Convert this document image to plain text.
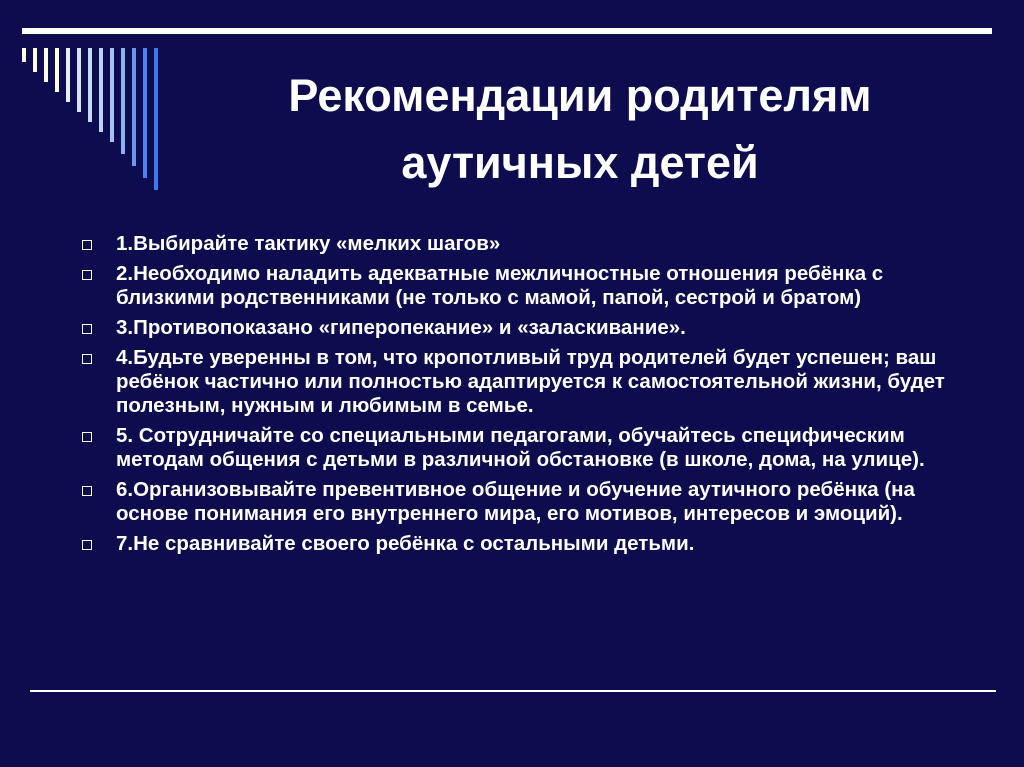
Рекомендации родителям
аутичных детей
1.Выбирайте тактику «мелких шагов»
2.Необходимо наладить адекватные межличностные отношения ребёнка с близкими родственниками (не только с мамой, папой, сестрой и братом)
3.Противопоказано «гиперопекание» и «заласкивание».
4.Будьте уверенны в том, что кропотливый труд родителей будет успешен; ваш ребёнок частично или полностью адаптируется к самостоятельной жизни, будет полезным, нужным и любимым в семье.
5. Сотрудничайте со специальными педагогами, обучайтесь специфическим методам общения с детьми в различной обстановке (в школе, дома, на улице).
6.Организовывайте превентивное общение и обучение аутичного ребёнка (на основе понимания его внутреннего мира, его мотивов, интересов и эмоций).
7.Не сравнивайте своего ребёнка с остальными детьми.
